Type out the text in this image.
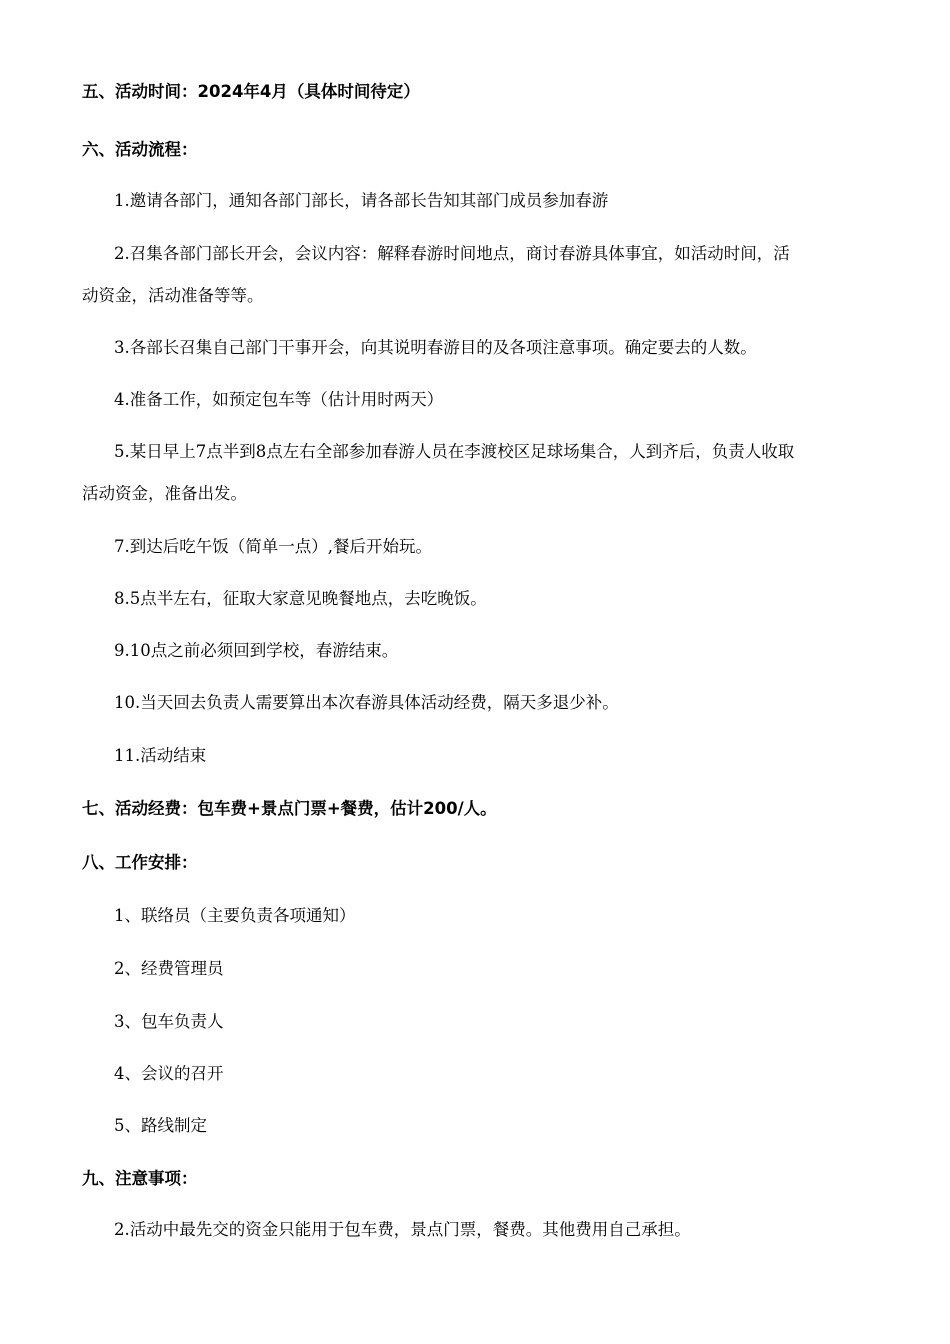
五、活动时间：2024年4月（具体时间待定）
六、活动流程：
1.邀请各部门，通知各部门部长，请各部长告知其部门成员参加春游
2.召集各部门部长开会，会议内容：解释春游时间地点，商讨春游具体事宜，如活动时间，活
动资金，活动准备等等。
3.各部长召集自己部门干事开会，向其说明春游目的及各项注意事项。确定要去的人数。
4.准备工作，如预定包车等（估计用时两天）
5.某日早上7点半到8点左右全部参加春游人员在李渡校区足球场集合，人到齐后，负责人收取
活动资金，准备出发。
7.到达后吃午饭（简单一点）,餐后开始玩。
8.5点半左右，征取大家意见晚餐地点，去吃晚饭。
9.10点之前必须回到学校，春游结束。
10.当天回去负责人需要算出本次春游具体活动经费，隔天多退少补。
11.活动结束
七、活动经费：包车费+景点门票+餐费，估计200/人。
八、工作安排：
1、联络员（主要负责各项通知）
2、经费管理员
3、包车负责人
4、会议的召开
5、路线制定
九、注意事项：
2.活动中最先交的资金只能用于包车费，景点门票，餐费。其他费用自己承担。
